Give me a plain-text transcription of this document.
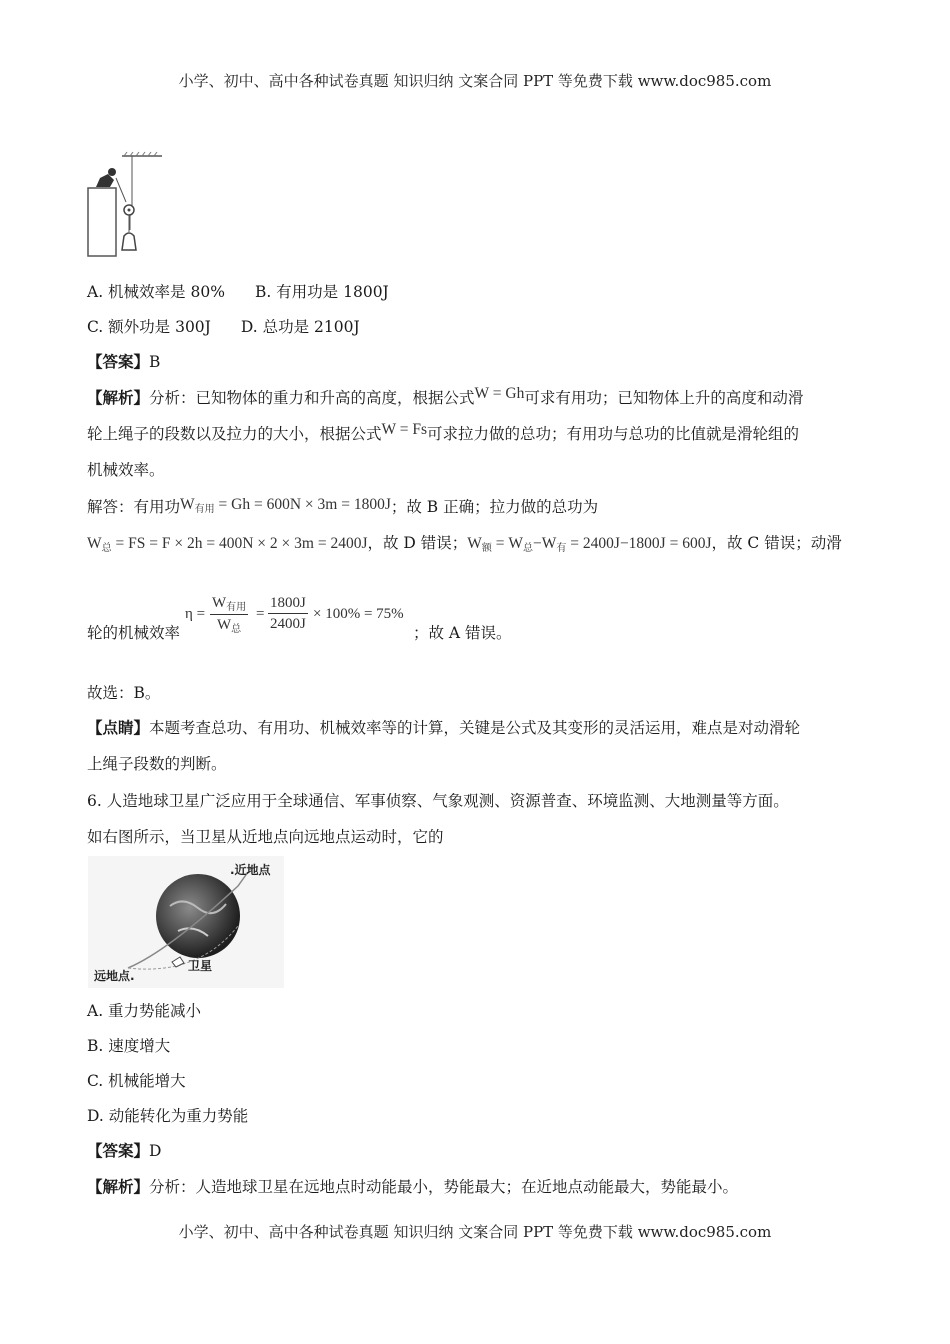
小学、初中、高中各种试卷真题 知识归纳 文案合同 PPT 等免费下载 www.doc985.com
A. 机械效率是 80% B. 有用功是 1800J
C. 额外功是 300J D. 总功是 2100J
【答案】B
【解析】分析：已知物体的重力和升高的高度，根据公式W = Gh可求有用功；已知物体上升的高度和动滑
轮上绳子的段数以及拉力的大小，根据公式W = Fs可求拉力做的总功；有用功与总功的比值就是滑轮组的
机械效率。
解答：有用功$W_{有用} = Gh = 600N \times 3m = 1800J$；故 B 正确；拉力做的总功为
$W_总$ = FS = F × 2h = 400N × 2 × 3m = 2400J，故 D 错误；$W_额 = W_总-W_有 = 2400J-1800J = 600J$，故 C 错误；动滑
轮的机械效率
η =
$W_{有用}$
$W_总$
= $\frac{1800J}{2400J} \times 100\% = 75\%$
；故 A 错误。
故选：B。
【点睛】本题考查总功、有用功、机械效率等的计算，关键是公式及其变形的灵活运用，难点是对动滑轮
上绳子段数的判断。
6. 人造地球卫星广泛应用于全球通信、军事侦察、气象观测、资源普查、环境监测、大地测量等方面。
如右图所示，当卫星从近地点向远地点运动时，它的
.近地点
远地点.
卫星
A. 重力势能减小
B. 速度增大
C. 机械能增大
D. 动能转化为重力势能
【答案】D
【解析】分析：人造地球卫星在远地点时动能最小，势能最大；在近地点动能最大，势能最小。
小学、初中、高中各种试卷真题 知识归纳 文案合同 PPT 等免费下载 www.doc985.com
